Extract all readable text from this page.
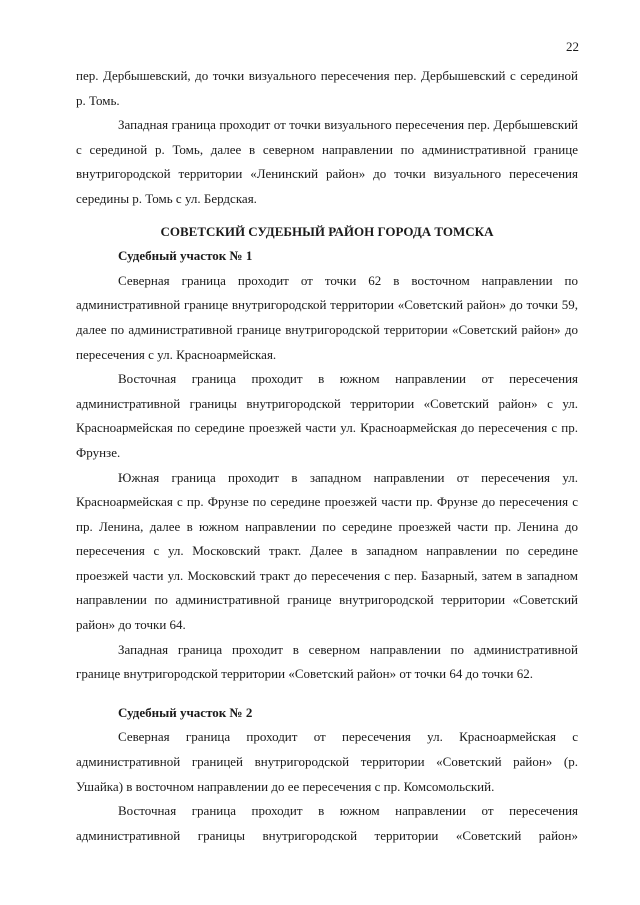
22

пер. Дербышевский, до точки визуального пересечения пер. Дербышевский с серединой р. Томь.

Западная граница проходит от точки визуального пересечения пер. Дербышевский с серединой р. Томь, далее в северном направлении по административной границе внутригородской территории «Ленинский район» до точки визуального пересечения середины р. Томь с ул. Бердская.

СОВЕТСКИЙ СУДЕБНЫЙ РАЙОН ГОРОДА ТОМСКА

Судебный участок № 1

Северная граница проходит от точки 62 в восточном направлении по административной границе внутригородской территории «Советский район» до точки 59, далее по административной границе внутригородской территории «Советский район» до пересечения с ул. Красноармейская.

Восточная граница проходит в южном направлении от пересечения административной границы внутригородской территории «Советский район» с ул. Красноармейская по середине проезжей части ул. Красноармейская до пересечения с пр. Фрунзе.

Южная граница проходит в западном направлении от пересечения ул. Красноармейская с пр. Фрунзе по середине проезжей части пр. Фрунзе до пересечения с пр. Ленина, далее в южном направлении по середине проезжей части пр. Ленина до пересечения с ул. Московский тракт. Далее в западном направлении по середине проезжей части ул. Московский тракт до пересечения с пер. Базарный, затем в западном направлении по административной границе внутригородской территории «Советский район» до точки 64.

Западная граница проходит в северном направлении по административной границе внутригородской территории «Советский район» от точки 64 до точки 62.

Судебный участок № 2

Северная граница проходит от пересечения ул. Красноармейская с административной границей внутригородской территории «Советский район» (р. Ушайка) в восточном направлении до ее пересечения с пр. Комсомольский.

Восточная граница проходит в южном направлении от пересечения административной границы внутригородской территории «Советский район»
